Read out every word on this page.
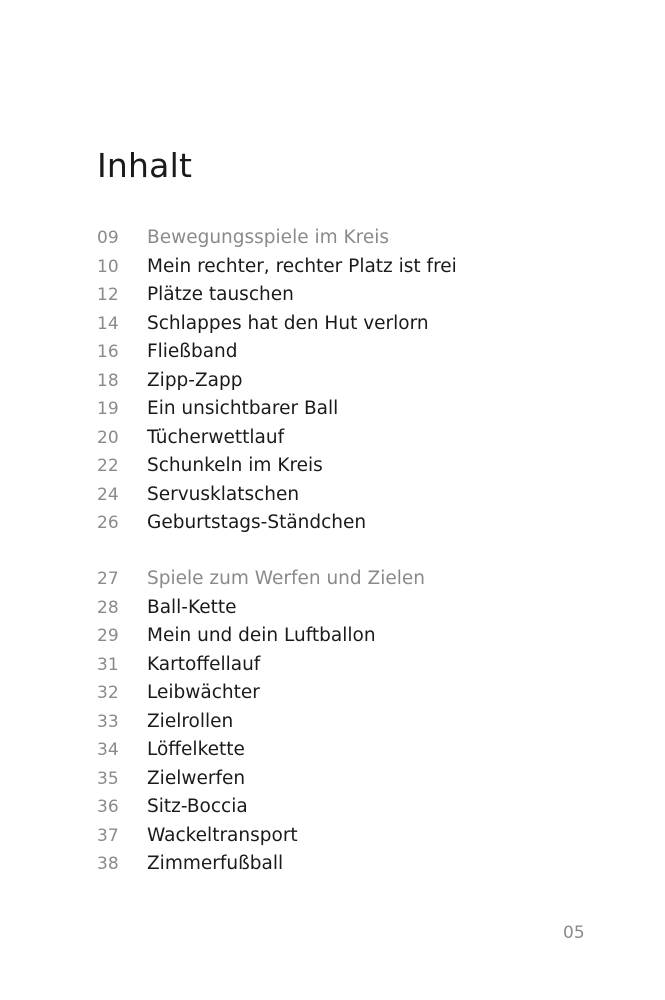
Inhalt
09	Bewegungsspiele im Kreis
10	Mein rechter, rechter Platz ist frei
12	Plätze tauschen
14	Schlappes hat den Hut verlorn
16	Fließband
18	Zipp-Zapp
19	Ein unsichtbarer Ball
20	Tücherwettlauf
22	Schunkeln im Kreis
24	Servusklatschen
26	Geburtstags-Ständchen
27	Spiele zum Werfen und Zielen
28	Ball-Kette
29	Mein und dein Luftballon
31	Kartoffellauf
32	Leibwächter
33	Zielrollen
34	Löffelkette
35	Zielwerfen
36	Sitz-Boccia
37	Wackeltransport
38	Zimmerfußball
05
